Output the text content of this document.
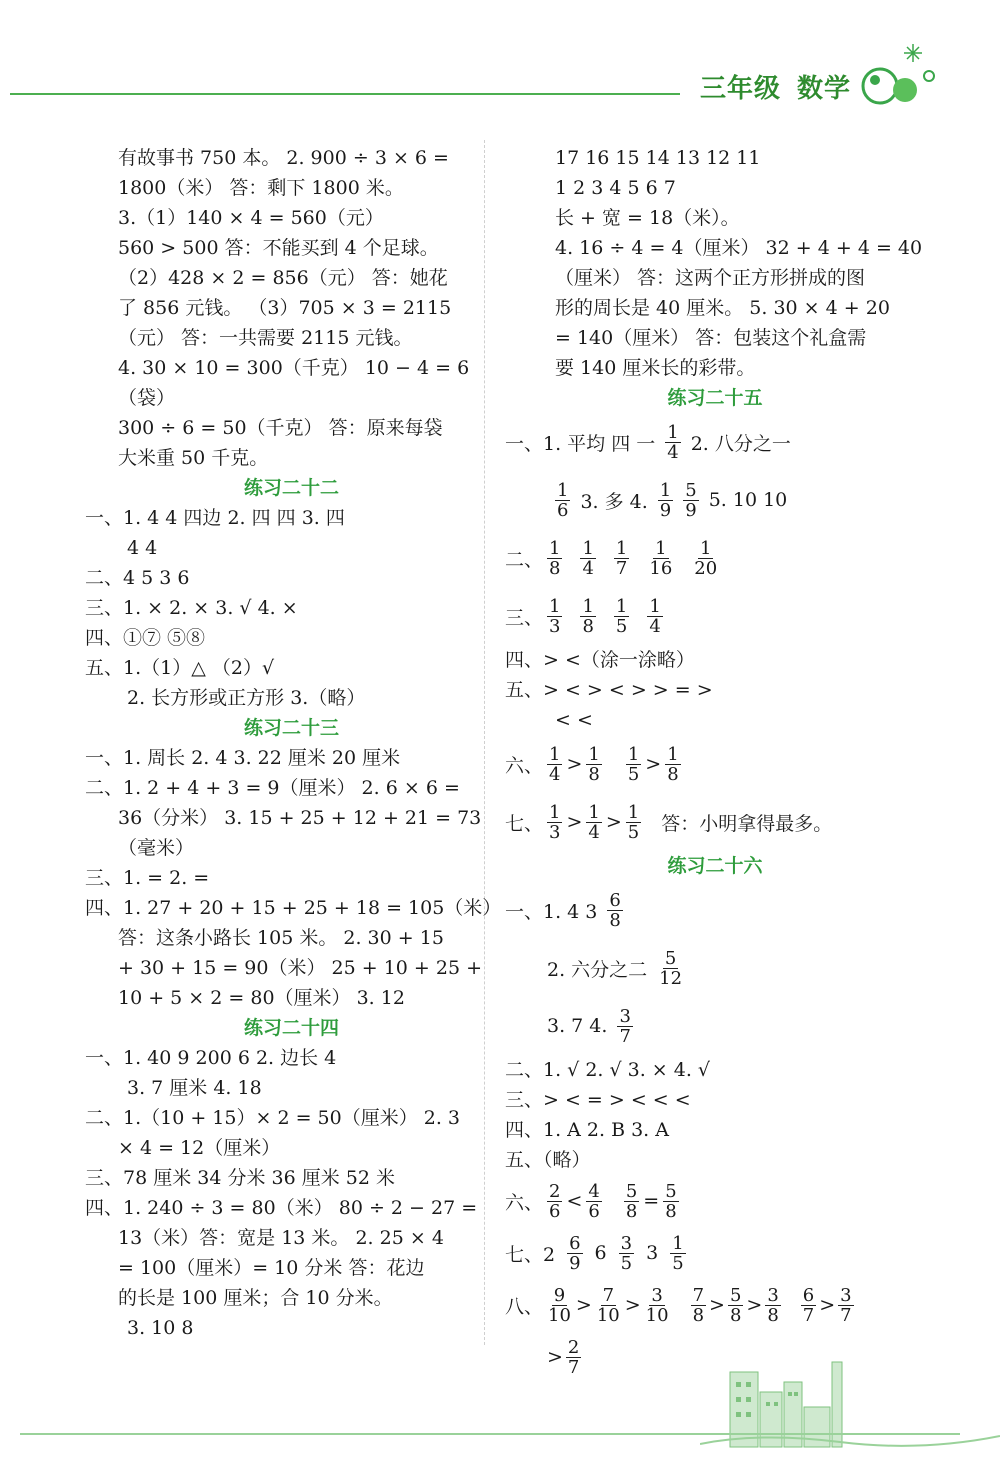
三年级 数学
有故事书 750 本。 2. 900 ÷ 3 × 6 =
1800（米） 答：剩下 1800 米。
3.（1）140 × 4 = 560（元）
560 > 500 答：不能买到 4 个足球。
（2）428 × 2 = 856（元） 答：她花
了 856 元钱。 （3）705 × 3 = 2115
（元） 答：一共需要 2115 元钱。
4. 30 × 10 = 300（千克） 10 − 4 = 6
（袋）
300 ÷ 6 = 50（千克） 答：原来每袋
大米重 50 千克。
练习二十二
一、1. 4 4 四边 2. 四 四 3. 四
4 4
二、4 5 3 6
三、1. × 2. × 3. √ 4. ×
四、①⑦ ⑤⑧
五、1.（1）△ （2）√
2. 长方形或正方形 3.（略）
练习二十三
一、1. 周长 2. 4 3. 22 厘米 20 厘米
二、1. 2 + 4 + 3 = 9（厘米） 2. 6 × 6 =
36（分米） 3. 15 + 25 + 12 + 21 = 73
（毫米）
三、1. = 2. =
四、1. 27 + 20 + 15 + 25 + 18 = 105（米）
答：这条小路长 105 米。 2. 30 + 15
+ 30 + 15 = 90（米） 25 + 10 + 25 +
10 + 5 × 2 = 80（厘米） 3. 12
练习二十四
一、1. 40 9 200 6 2. 边长 4
3. 7 厘米 4. 18
二、1.（10 + 15）× 2 = 50（厘米） 2. 3
× 4 = 12（厘米）
三、78 厘米 34 分米 36 厘米 52 米
四、1. 240 ÷ 3 = 80（米） 80 ÷ 2 − 27 =
13（米）答：宽是 13 米。 2. 25 × 4
= 100（厘米）= 10 分米 答：花边
的长是 100 厘米；合 10 分米。
3. 10 8
17 16 15 14 13 12 11
1 2 3 4 5 6 7
长 + 宽 = 18（米）。
4. 16 ÷ 4 = 4（厘米） 32 + 4 + 4 = 40
（厘米） 答：这两个正方形拼成的图
形的周长是 40 厘米。 5. 30 × 4 + 20
= 140（厘米） 答：包装这个礼盒需
要 140 厘米长的彩带。
练习二十五
一、1. 平均 四 一 $\frac{1}{4} 2$. 八分之一
$\frac{1}{6} 3$. 多 4. $\frac{1}{9} \frac{5}{9} 5$. 10 10
二、 $\frac{1}{8} \frac{1}{4} \frac{1}{7} \frac{1}{16} \frac{1}{20}$
三、 $\frac{1}{3} \frac{1}{8} \frac{1}{5} \frac{1}{4}$
四、> <（涂一涂略）
五、> < > < > > = >
< <
六、 $\frac{1}{4} > \frac{1}{8} \frac{1}{5} > \frac{1}{8}$
七、 $\frac{1}{3} > \frac{1}{4} > \frac{1}{5}$ 答：小明拿得最多。
练习二十六
一、1. 4 $3 \frac{6}{8}$
2. 六分之二 $\frac{5}{12}$
3. 7 4. $\frac{3}{7}$
二、1. √ 2. √ 3. × 4. √
三、> < = > < < <
四、1. A 2. B 3. A
五、（略）
六、 $\frac{2}{6} < \frac{4}{6} \frac{5}{8} = \frac{5}{8}$
七、$2 \frac{6}{9} 6 \frac{3}{5} 3 \frac{1}{5}$
八、 $\frac{9}{10} > \frac{7}{10} > \frac{3}{10} \frac{7}{8} > \frac{5}{8} > \frac{3}{8} \frac{6}{7} > \frac{3}{7}$
> $\frac{2}{7}$
